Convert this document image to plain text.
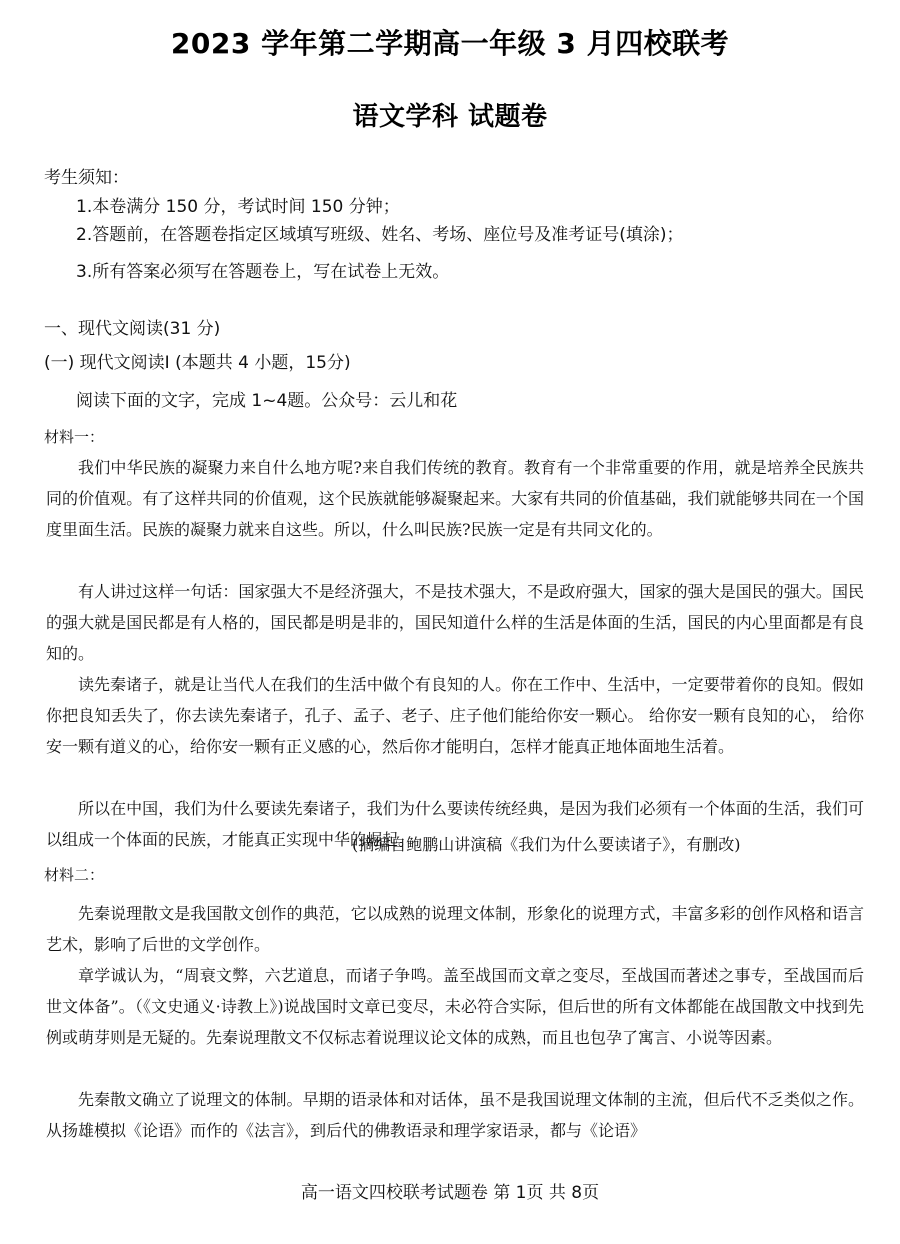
2023 学年第二学期高一年级 3 月四校联考
语文学科 试题卷
考生须知：
1.本卷满分 150 分，考试时间 150 分钟；
2.答题前，在答题卷指定区域填写班级、姓名、考场、座位号及准考证号(填涂)；
3.所有答案必须写在答题卷上，写在试卷上无效。
一、现代文阅读(31 分)
(一) 现代文阅读Ⅰ (本题共 4 小题，15分)
阅读下面的文字，完成 1~4题。公众号：云儿和花
材料一：
我们中华民族的凝聚力来自什么地方呢?来自我们传统的教育。教育有一个非常重要的作用，就是培养全民族共同的价值观。有了这样共同的价值观，这个民族就能够凝聚起来。大家有共同的价值基础，我们就能够共同在一个国度里面生活。民族的凝聚力就来自这些。所以，什么叫民族?民族一定是有共同文化的。
有人讲过这样一句话：国家强大不是经济强大，不是技术强大，不是政府强大，国家的强大是国民的强大。国民的强大就是国民都是有人格的，国民都是明是非的，国民知道什么样的生活是体面的生活，国民的内心里面都是有良知的。
读先秦诸子，就是让当代人在我们的生活中做个有良知的人。你在工作中、生活中，一定要带着你的良知。假如你把良知丢失了，你去读先秦诸子，孔子、孟子、老子、庄子他们能给你安一颗心。 给你安一颗有良知的心， 给你安一颗有道义的心，给你安一颗有正义感的心，然后你才能明白，怎样才能真正地体面地生活着。
所以在中国，我们为什么要读先秦诸子，我们为什么要读传统经典，是因为我们必须有一个体面的生活，我们可以组成一个体面的民族，才能真正实现中华的崛起。
(摘编自鲍鹏山讲演稿《我们为什么要读诸子》，有删改)
材料二：
先秦说理散文是我国散文创作的典范，它以成熟的说理文体制，形象化的说理方式，丰富多彩的创作风格和语言艺术，影响了后世的文学创作。
章学诚认为，“周衰文弊，六艺道息，而诸子争鸣。盖至战国而文章之变尽，至战国而著述之事专，至战国而后世文体备”。（《文史通义·诗教上》)说战国时文章已变尽，未必符合实际，但后世的所有文体都能在战国散文中找到先例或萌芽则是无疑的。先秦说理散文不仅标志着说理议论文体的成熟，而且也包孕了寓言、小说等因素。
先秦散文确立了说理文的体制。早期的语录体和对话体，虽不是我国说理文体制的主流，但后代不乏类似之作。从扬雄模拟《论语》而作的《法言》，到后代的佛教语录和理学家语录，都与《论语》
高一语文四校联考试题卷 第 1页 共 8页
